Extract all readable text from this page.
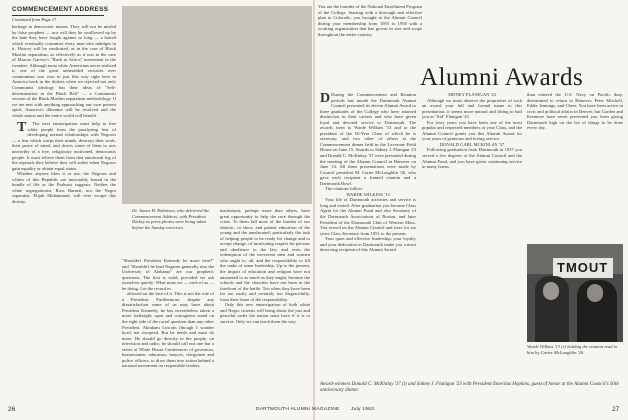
COMMENCEMENT ADDRESS
Continued from Page 17

heritage in democratic means. They will not be misled by false prophets — nor will they be swallowed up by the hate they have fought against so long — a hatred which eventually consumes every man who indulges in it. History will be vindicated, as in the case of Black Muslim separatism, as effectively as it was in the case of Marcus Garvey's "Back to Africa" movement in the twenties. Although most white Americans never realized it, one of the great unheralded victories over communism was won in just this way right here in America back in the thirties when we rejected not only Communist ideology but their ideas of "Self-determination in the Black Belt" — a Communist version of the Black Muslim separatism methodology. If we are met with anything approaching our own present spirit, America's dilemma will be resolved and the whole nation and the entire world will benefit.

T The next emancipation must help to free white people from the paralyzing fear of developing normal relationships with Negroes — a fear which warps their minds, destroys their souls, their peace of mind, and drives some of them to acts unworthy of a free, religiously motivated, democratic people. It must relieve them from that emotional fog of the reprisals they believe they will suffer when Negroes gain equality or obtain equal status.

Whether anyone likes it or not, the Negroes and whites of this Republic are inexorably bound in the bundle of life as the Psalmist suggests. Neither the white segregationist, Ross Barnett, nor the Negro separatist, Elijah Muhammad, will ever escape this destiny.

Dr. James H. Robinson, who delivered the Commencement Address, with President Dickey as press photos were being taken before the Sunday exercises.

"Shouldn't President Kennedy be more firm?" and "Shouldn't he lead Negroes generally into the University of Alabama" are our prophetic questions. The first is valid, provided we ask ourselves quietly: What must we — each of us — be doing. Let the record in

allowed on the face of it. This is not the role of a President. Furthermore, despite any dissatisfaction some of us may have about President Kennedy, he has nevertheless taken a more forthright, open and courageous stand on the right side of the racial question than any other President. Abraham Lincoln (though I wonder how) not excepted. But he needs and must do more. He should go directly to the people, on television and radio; he should call not one but a series of White House Conferences of governors, businessmen, educators, mayors, clergymen and police officers, to draw them into action behind a national movement on responsible leaders.

institutions, perhaps more than others, have great opportunity to help the race through the crisis. To them fall most of the burden of our rhetoric, to show, and patient education of the young and the uneducated; particularly the task of helping people to be ready for change and to accept change, of inculcating respect for persons and obedience to the law, and even the redemption of the irreverent men and women who ought to, all, and the responsibility to fill the ranks of some leadership. Up to the present, the impact of education and religion have not amounted to as much as they might, because the schools and the churches have not been in the forefront of the battle. Too often they have been far too easily and certainly too disgracefully, from their share of the responsibility.

Only this new emancipation of both white and Negro citizens will bring about the just and peaceful order the nation must have if it is to survive. Only we can teach them the way.

26

You are the founder of the National Enrollment Program of the College. Starting with a thorough and effective plan in Colorado, you brought to the Alumni Council during your membership from 1955 to 1958 with a working organization that has grown in size and scope throughout the entire country.

Alumni Awards

D During the Commencement and Reunion periods last month the Dartmouth Alumni Council presented its eleven Alumni Award to three graduates of the College who have attained distinction in their careers and who have given loyal and devoted service to Dartmouth. The awards went to Warde Wilkins '13 and to the president of the 50-Year Class of which he is secretary, and two other of others at the Commencement dinner held in the Leverone Field House on June 15. Awards to Sidney J. Flanigan '23 and Donald C. McKinlay '37 were presented during the meeting of the Alumni Council in Hanover on June 14. All three presentations were made by Council president M. Carter McLaughlin '26, who gave each recipient a framed citation and a Dartmouth Bowl.

The citations follow:

WARDE WILKINS '13

Your life of Dartmouth activities and service is long and varied. After graduation you became Class Agent for the Alumni Fund and also Secretary of the Dartmouth Associations of Boston, and later President of the Dartmouth Club of Western Mass. You served on the Alumni Council and were for six years Class Secretary from 1951 to the present.

Your quiet and effective leadership, your loyalty and your dedication to Dartmouth make you a most deserving recipient of this Alumni Award.

SIDNEY FLANIGAN '23

Although we must observe the proprieties of such an award your full and formal name to this presentation, it seems more natural and fitting to hail you as "Sid" Flanigan '23.

For forty years you have been one of the most popular and respected members of your Class, and the Alumni Council grants you this Alumni Award for your years of generous and loving service.

DONALD CARL MCKINLAY '37

Following graduation from Dartmouth in 1937 you served a few degrees of the Alumni Council and the Alumni Fund, and you have given continuing service in many forms.

than entered the U.S. Navy on Pacific duty, determined to return to Hanover, Peter Mitchell, Eddie Jennings, and Cheer. You have been active in civic and political affairs in Denver, but Garden and Kenmore have never prevented you from giving Dartmouth high on the list of things to be done every day.

TMOUT
Warde Wilkins '13 (r) holding the citation read to him by Carter McLaughlin '26.
Award-winners Donald C. McKinlay '37 (l) and Sidney J. Flanigan '23 with President Emeritus Hopkins, guest of honor at the Alumni Council's 50th anniversary dinner.
DARTMOUTH ALUMNI MAGAZINE July 1963	27
